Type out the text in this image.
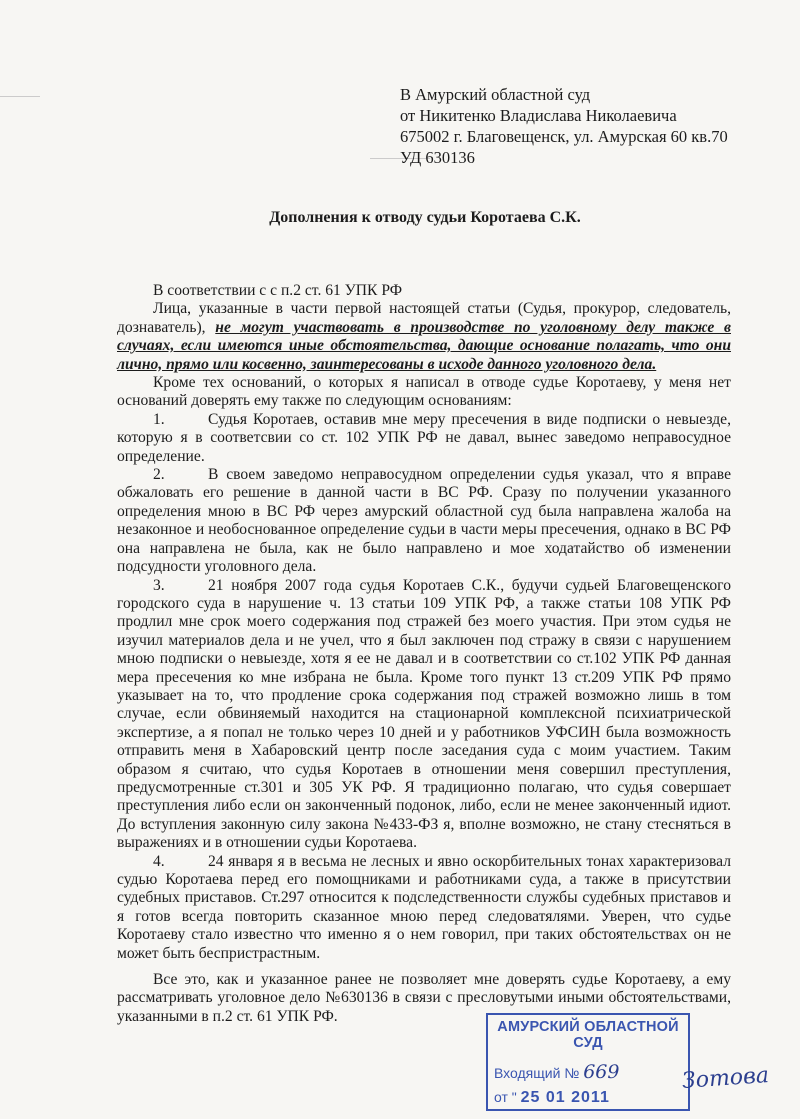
В Амурский областной суд
от Никитенко Владислава Николаевича
675002 г. Благовещенск, ул. Амурская 60 кв.70
УД 630136
Дополнения к отводу судьи Коротаева С.К.

В соответствии с с п.2 ст. 61 УПК РФ

Лица, указанные в части первой настоящей статьи (Судья, прокурор, следователь, дознаватель), не могут участвовать в производстве по уголовному делу также в случаях, если имеются иные обстоятельства, дающие основание полагать, что они лично, прямо или косвенно, заинтересованы в исходе данного уголовного дела.

Кроме тех оснований, о которых я написал в отводе судье Коротаеву, у меня нет оснований доверять ему также по следующим основаниям:

1.	Судья Коротаев, оставив мне меру пресечения в виде подписки о невыезде, которую я в соответсвии со ст. 102 УПК РФ не давал, вынес заведомо неправосудное определение.

2.	В своем заведомо неправосудном определении судья указал, что я вправе обжаловать его решение в данной части в ВС РФ. Сразу по получении указанного определения мною в ВС РФ через амурский областной суд была направлена жалоба на незаконное и необоснованное определение судьи в части меры пресечения, однако в ВС РФ она направлена не была, как не было направлено и мое ходатайство об изменении подсудности уголовного дела.

3.	21 ноября 2007 года судья Коротаев С.К., будучи судьей Благовещенского городского суда в нарушение ч. 13 статьи 109 УПК РФ, а также статьи 108 УПК РФ продлил мне срок моего содержания под стражей без моего участия. При этом судья не изучил материалов дела и не учел, что я был заключен под стражу в связи с нарушением мною подписки о невыезде, хотя я ее не давал и в соответствии со ст.102 УПК РФ данная мера пресечения ко мне избрана не была. Кроме того пункт 13 ст.209 УПК РФ прямо указывает на то, что продление срока содержания под стражей возможно лишь в том случае, если обвиняемый находится на стационарной комплексной психиатрической экспертизе, а я попал не только через 10 дней и у работников УФСИН была возможность отправить меня в Хабаровский центр после заседания суда с моим участием. Таким образом я считаю, что судья Коротаев в отношении меня совершил преступления, предусмотренные ст.301 и 305 УК РФ. Я традиционно полагаю, что судья совершает преступления либо если он законченный подонок, либо, если не менее законченный идиот. До вступления законную силу закона №433-ФЗ я, вполне возможно, не стану стесняться в выражениях и в отношении судьи Коротаева.

4.	24 января я в весьма не лесных и явно оскорбительных тонах характеризовал судью Коротаева перед его помощниками и работниками суда, а также в присутствии судебных приставов. Ст.297 относится к подследственности службы судебных приставов и я готов всегда повторить сказанное мною перед следоватялями. Уверен, что судье Коротаеву стало известно что именно я о нем говорил, при таких обстоятельствах он не может быть беспристрастным.

Все это, как и указанное ранее не позволяет мне доверять судье Коротаеву, а ему рассматривать уголовное дело №630136 в связи с пресловутыми иными обстоятельствами, указанными в п.2 ст. 61 УПК РФ.

АМУРСКИЙ ОБЛАСТНОЙ СУД
Входящий № 669
от " 25 01 2011
Зотова
